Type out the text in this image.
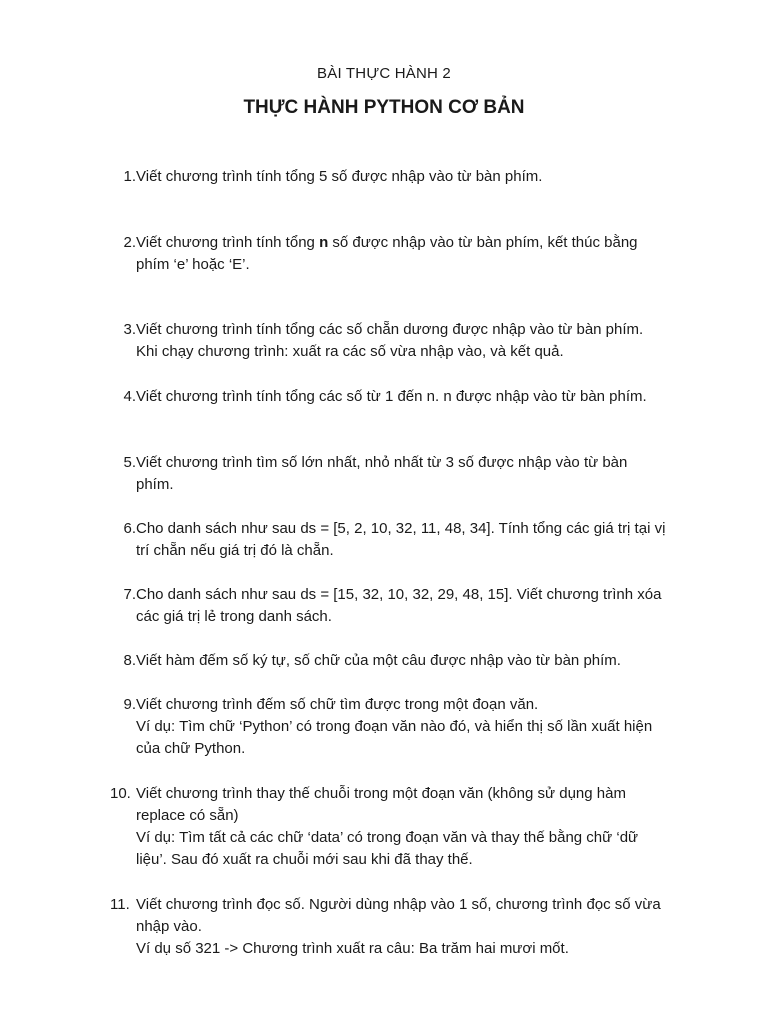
BÀI THỰC HÀNH 2
THỰC HÀNH PYTHON CƠ BẢN
1. Viết chương trình tính tổng 5 số được nhập vào từ bàn phím.
2. Viết chương trình tính tổng n số được nhập vào từ bàn phím, kết thúc bằng
phím ‘e’ hoặc ‘E’.
3. Viết chương trình tính tổng các số chẵn dương được nhập vào từ bàn phím.
Khi chạy chương trình: xuất ra các số vừa nhập vào, và kết quả.
4. Viết chương trình tính tổng các số từ 1 đến n. n được nhập vào từ bàn phím.
5. Viết chương trình tìm số lớn nhất, nhỏ nhất từ 3 số được nhập vào từ bàn
phím.
6. Cho danh sách như sau ds = [5, 2, 10, 32, 11, 48, 34]. Tính tổng các giá trị tại vị
trí chẵn nếu giá trị đó là chẵn.
7. Cho danh sách như sau ds = [15, 32, 10, 32, 29, 48, 15]. Viết chương trình xóa
các giá trị lẻ trong danh sách.
8. Viết hàm đếm số ký tự, số chữ của một câu được nhập vào từ bàn phím.
9. Viết chương trình đếm số chữ tìm được trong một đoạn văn.
Ví dụ: Tìm chữ ‘Python’ có trong đoạn văn nào đó, và hiển thị số lần xuất hiện
của chữ Python.
10. Viết chương trình thay thế chuỗi trong một đoạn văn (không sử dụng hàm
replace có sẵn)
Ví dụ: Tìm tất cả các chữ ‘data’ có trong đoạn văn và thay thế bằng chữ ‘dữ
liệu’. Sau đó xuất ra chuỗi mới sau khi đã thay thế.
11. Viết chương trình đọc số. Người dùng nhập vào 1 số, chương trình đọc số vừa
nhập vào.
Ví dụ số 321 -> Chương trình xuất ra câu: Ba trăm hai mươi mốt.
